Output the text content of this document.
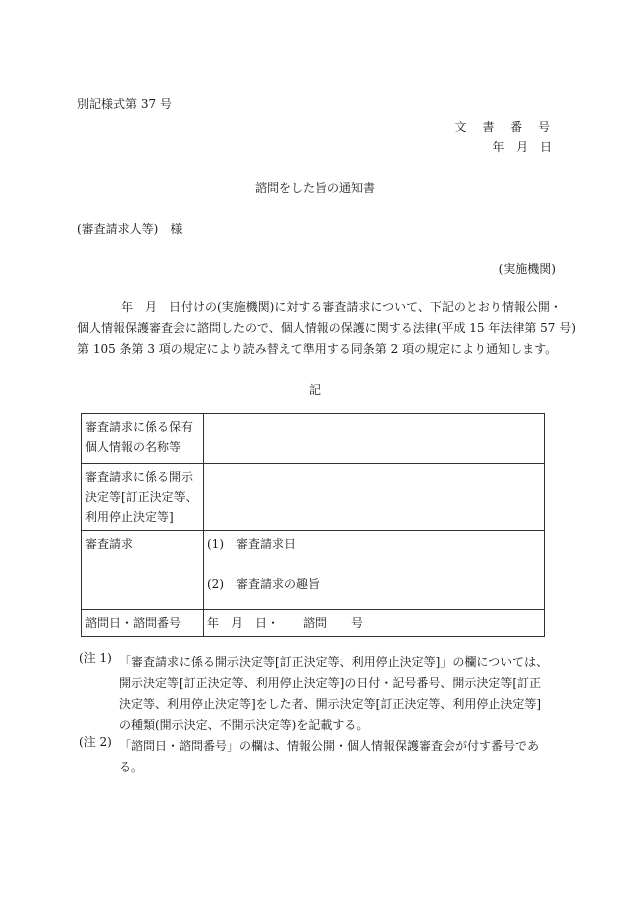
別記様式第 37 号
文 書 番 号
年 月 日
諮問をした旨の通知書
(審査請求人等)　様
(実施機関)
年　月　日付けの(実施機関)に対する審査請求について、下記のとおり情報公開・
個人情報保護審査会に諮問したので、個人情報の保護に関する法律(平成 15 年法律第 57 号)
第 105 条第 3 項の規定により読み替えて準用する同条第 2 項の規定により通知します。
記
審査請求に係る保有個人情報の名称等	
審査請求に係る開示決定等[訂正決定等、利用停止決定等]	
審査請求	(1)　審査請求日
(2)　審査請求の趣旨

諮問日・諮問番号	年　月　日・　　諮問　　号
(注 1) 「審査請求に係る開示決定等[訂正決定等、利用停止決定等]」の欄については、開示決定等[訂正決定等、利用停止決定等]の日付・記号番号、開示決定等[訂正決定等、利用停止決定等]をした者、開示決定等[訂正決定等、利用停止決定等]の種類(開示決定、不開示決定等)を記載する。
(注 2) 「諮問日・諮問番号」の欄は、情報公開・個人情報保護審査会が付す番号である。
